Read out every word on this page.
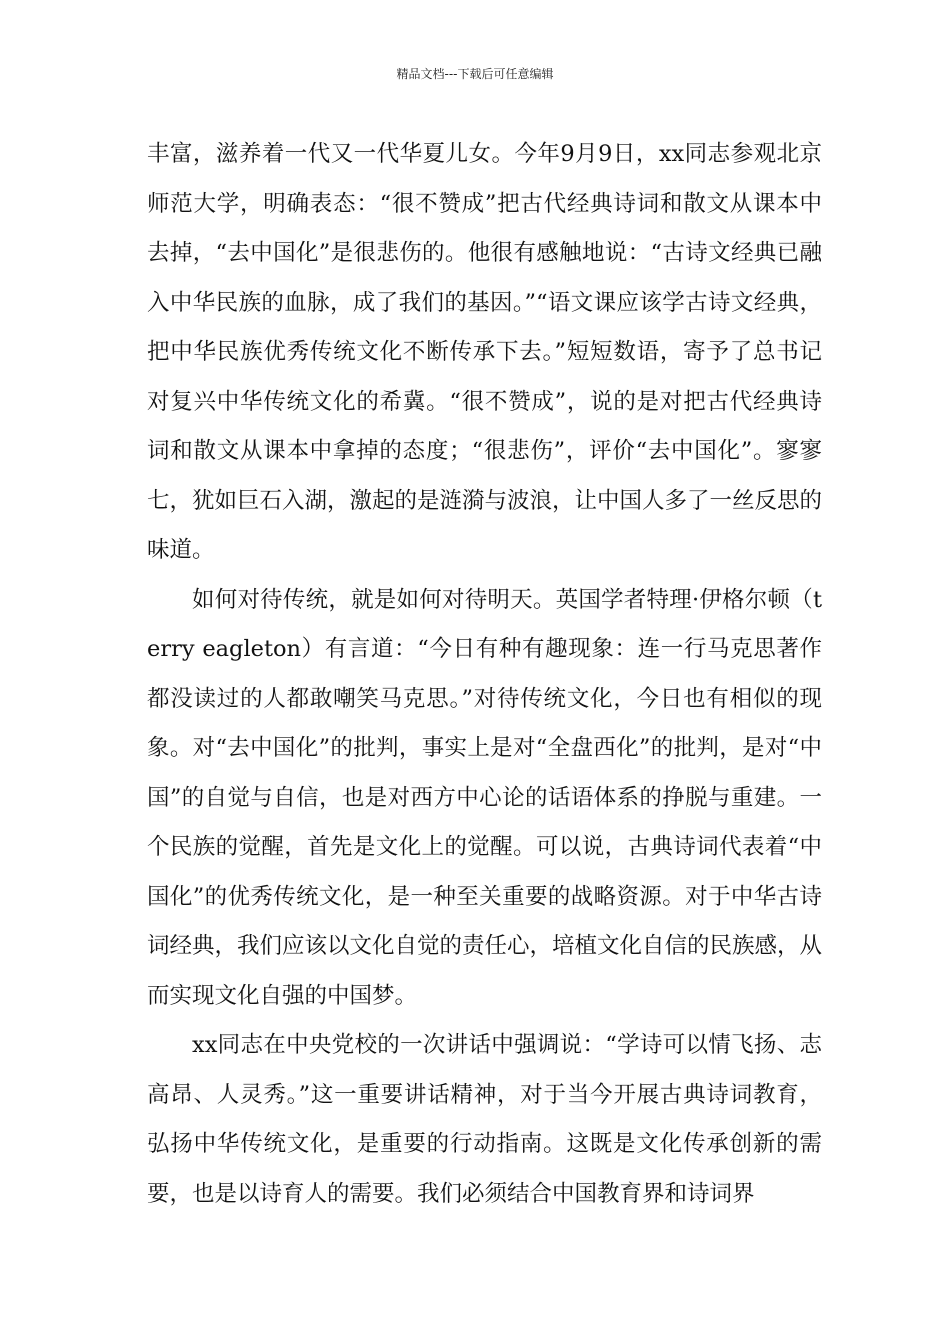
精品文档---下载后可任意编辑

丰富，滋养着一代又一代华夏儿女。今年9月9日，xx同志参观北京师范大学，明确表态：“很不赞成”把古代经典诗词和散文从课本中去掉，“去中国化”是很悲伤的。他很有感触地说：“古诗文经典已融入中华民族的血脉，成了我们的基因。”“语文课应该学古诗文经典，把中华民族优秀传统文化不断传承下去。”短短数语，寄予了总书记对复兴中华传统文化的希冀。“很不赞成”，说的是对把古代经典诗词和散文从课本中拿掉的态度；“很悲伤”，评价“去中国化”。寥寥七，犹如巨石入湖，激起的是涟漪与波浪，让中国人多了一丝反思的味道。

如何对待传统，就是如何对待明天。英国学者特理·伊格尔顿（terry eagleton）有言道：“今日有种有趣现象：连一行马克思著作都没读过的人都敢嘲笑马克思。”对待传统文化，今日也有相似的现象。对“去中国化”的批判，事实上是对“全盘西化”的批判，是对“中国”的自觉与自信，也是对西方中心论的话语体系的挣脱与重建。一个民族的觉醒，首先是文化上的觉醒。可以说，古典诗词代表着“中国化”的优秀传统文化，是一种至关重要的战略资源。对于中华古诗词经典，我们应该以文化自觉的责任心，培植文化自信的民族感，从而实现文化自强的中国梦。

xx同志在中央党校的一次讲话中强调说：“学诗可以情飞扬、志高昂、人灵秀。”这一重要讲话精神，对于当今开展古典诗词教育，弘扬中华传统文化，是重要的行动指南。这既是文化传承创新的需要，也是以诗育人的需要。我们必须结合中国教育界和诗词界
